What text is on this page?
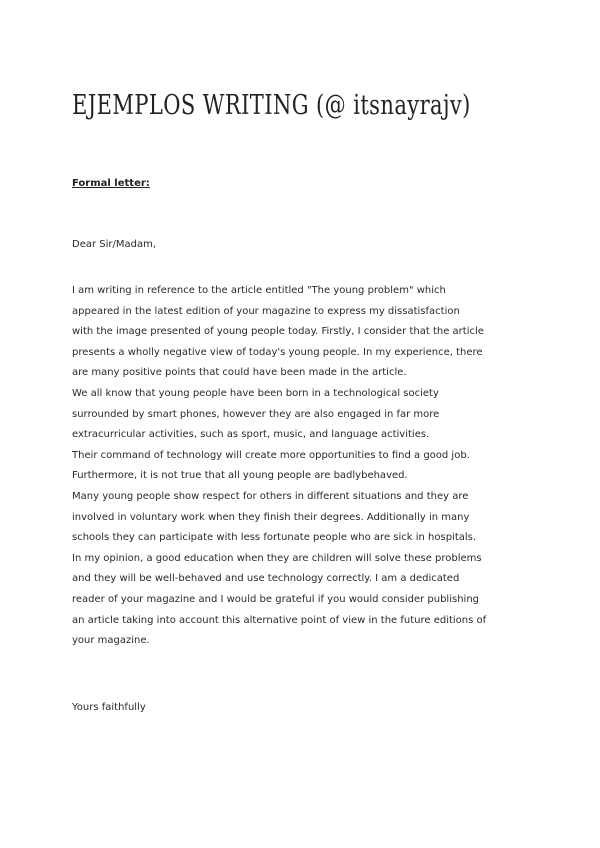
EJEMPLOS WRITING (@ itsnayrajv)
Formal letter:
Dear Sir/Madam,
I am writing in reference to the article entitled "The young problem" which
appeared in the latest edition of your magazine to express my dissatisfaction
with the image presented of young people today. Firstly, I consider that the article
presents a wholly negative view of today's young people. In my experience, there
are many positive points that could have been made in the article.
We all know that young people have been born in a technological society
surrounded by smart phones, however they are also engaged in far more
extracurricular activities, such as sport, music, and language activities.
Their command of technology will create more opportunities to find a good job.
Furthermore, it is not true that all young people are badlybehaved.
Many young people show respect for others in different situations and they are
involved in voluntary work when they finish their degrees. Additionally in many
schools they can participate with less fortunate people who are sick in hospitals.
In my opinion, a good education when they are children will solve these problems
and they will be well-behaved and use technology correctly. I am a dedicated
reader of your magazine and I would be grateful if you would consider publishing
an article taking into account this alternative point of view in the future editions of
your magazine.
Yours faithfully
